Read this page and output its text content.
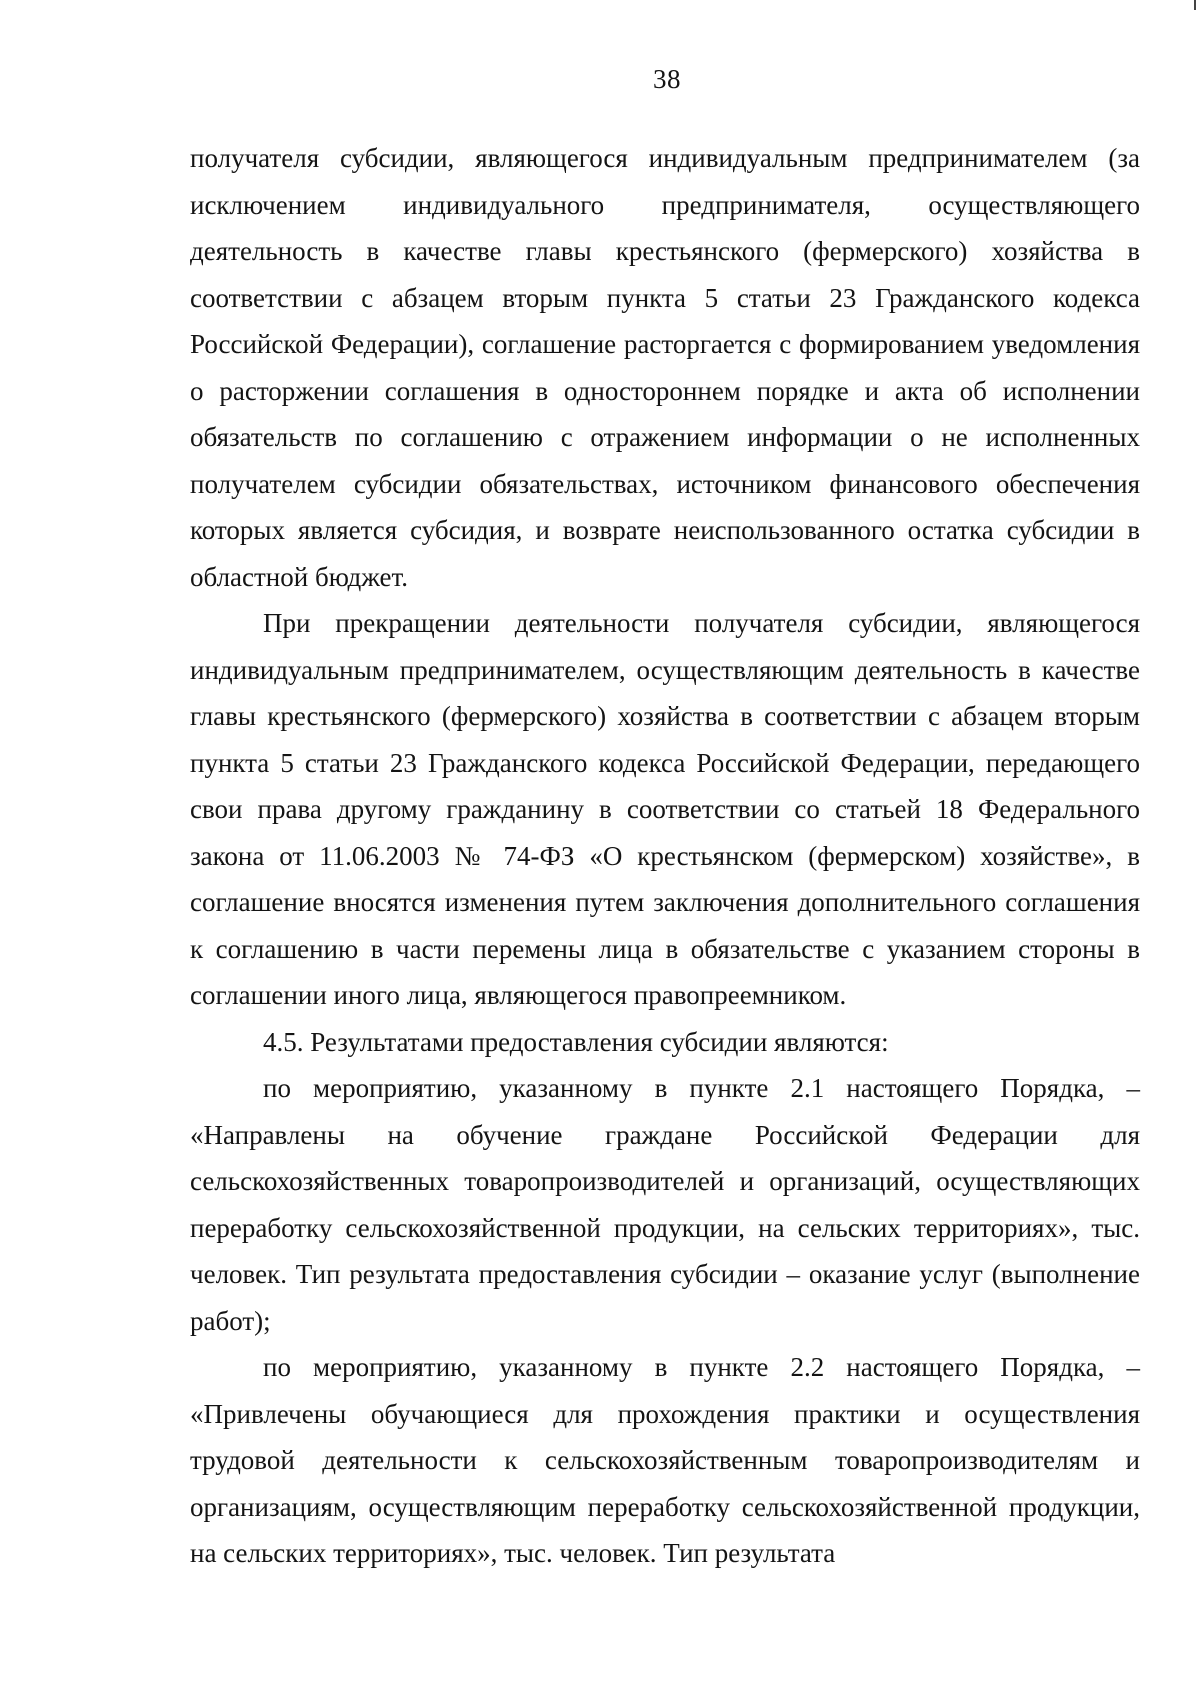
38

получателя субсидии, являющегося индивидуальным предпринимателем (за исключением индивидуального предпринимателя, осуществляющего деятельность в качестве главы крестьянского (фермерского) хозяйства в соответствии с абзацем вторым пункта 5 статьи 23 Гражданского кодекса Российской Федерации), соглашение расторгается с формированием уведомления о расторжении соглашения в одностороннем порядке и акта об исполнении обязательств по соглашению с отражением информации о не исполненных получателем субсидии обязательствах, источником финансового обеспечения которых является субсидия, и возврате неиспользованного остатка субсидии в областной бюджет.

При прекращении деятельности получателя субсидии, являющегося индивидуальным предпринимателем, осуществляющим деятельность в качестве главы крестьянского (фермерского) хозяйства в соответствии с абзацем вторым пункта 5 статьи 23 Гражданского кодекса Российской Федерации, передающего свои права другому гражданину в соответствии со статьей 18 Федерального закона от 11.06.2003 № 74-ФЗ «О крестьянском (фермерском) хозяйстве», в соглашение вносятся изменения путем заключения дополнительного соглашения к соглашению в части перемены лица в обязательстве с указанием стороны в соглашении иного лица, являющегося правопреемником.

4.5. Результатами предоставления субсидии являются:

по мероприятию, указанному в пункте 2.1 настоящего Порядка, – «Направлены на обучение граждане Российской Федерации для сельскохозяйственных товаропроизводителей и организаций, осуществляющих переработку сельскохозяйственной продукции, на сельских территориях», тыс. человек. Тип результата предоставления субсидии – оказание услуг (выполнение работ);

по мероприятию, указанному в пункте 2.2 настоящего Порядка, – «Привлечены обучающиеся для прохождения практики и осуществления трудовой деятельности к сельскохозяйственным товаропроизводителям и организациям, осуществляющим переработку сельскохозяйственной продукции, на сельских территориях», тыс. человек. Тип результата
